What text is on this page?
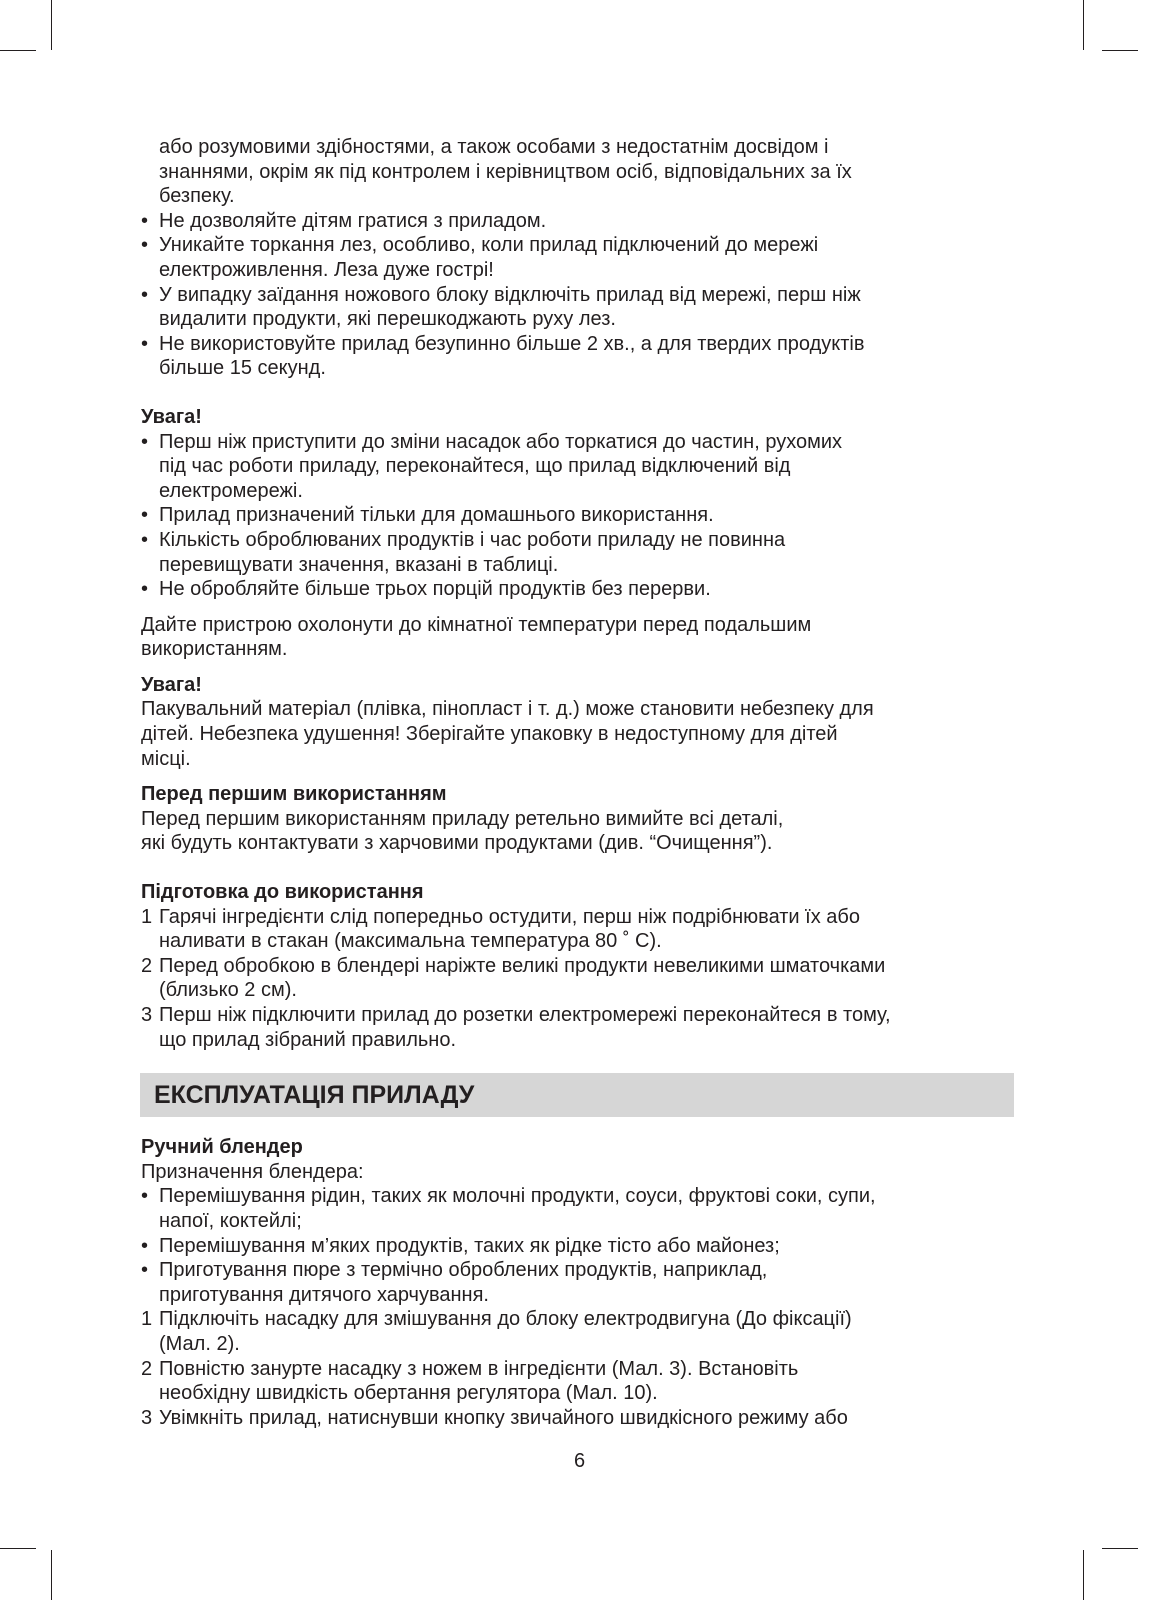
або розумовими здібностями, а також особами з недостатнім досвідом і

знаннями, окрім як під контролем і керівництвом осіб, відповідальних за їх

безпеку.

• Не дозволяйте дітям гратися з приладом.

• Уникайте торкання лез, особливо, коли прилад підключений до мережі

електроживлення. Леза дуже гострі!

• У випадку заїдання ножового блоку відключіть прилад від мережі, перш ніж

видалити продукти, які перешкоджають руху лез.

• Не використовуйте прилад безупинно більше 2 хв., а для твердих продуктів

більше 15 секунд.

Увага!

• Перш ніж приступити до зміни насадок або торкатися до частин, рухомих

під час роботи приладу, переконайтеся, що прилад відключений від

електромережі.

• Прилад призначений тільки для домашнього використання.

• Кількість оброблюваних продуктів і час роботи приладу не повинна

перевищувати значення, вказані в таблиці.

• Не обробляйте більше трьох порцій продуктів без перерви.

Дайте пристрою охолонути до кімнатної температури перед подальшим

використанням.

Увага!

Пакувальний матеріал (плівка, пінопласт і т. д.) може становити небезпеку для

дітей. Небезпека удушення! Зберігайте упаковку в недоступному для дітей

місці.

Перед першим використанням

Перед першим використанням приладу ретельно вимийте всі деталі,

які будуть контактувати з харчовими продуктами (див. “Очищення”).

Підготовка до використання

1 Гарячі інгредієнти слід попередньо остудити, перш ніж подрібнювати їх або

наливати в стакан (максимальна температура 80 ˚ С).

2 Перед обробкою в блендері наріжте великі продукти невеликими шматочками

(близько 2 см).

3 Перш ніж підключити прилад до розетки електромережі переконайтеся в тому,

що прилад зібраний правильно.

ЕКСПЛУАТАЦІЯ ПРИЛАДУ

Ручний блендер

Призначення блендера:

• Перемішування рідин, таких як молочні продукти, соуси, фруктові соки, супи,

напої, коктейлі;

• Перемішування м’яких продуктів, таких як рідке тісто або майонез;

• Приготування пюре з термічно оброблених продуктів, наприклад,

приготування дитячого харчування.

1 Підключіть насадку для змішування до блоку електродвигуна (До фіксації)

(Мал. 2).

2 Повністю занурте насадку з ножем в інгредієнти (Мал. 3). Встановіть

необхідну швидкість обертання регулятора (Мал. 10).

3 Увімкніть прилад, натиснувши кнопку звичайного швидкісного режиму або

6
